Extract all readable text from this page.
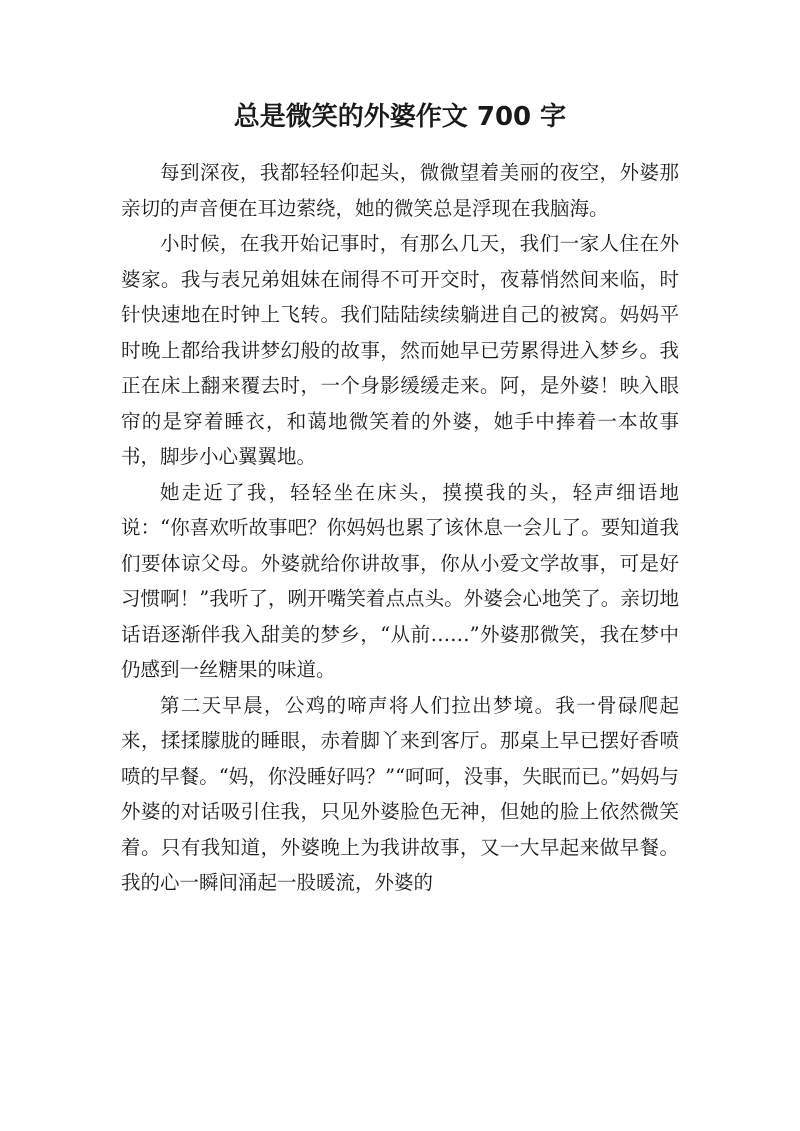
总是微笑的外婆作文 700 字

每到深夜，我都轻轻仰起头，微微望着美丽的夜空，外婆那亲切的声音便在耳边萦绕，她的微笑总是浮现在我脑海。

小时候，在我开始记事时，有那么几天，我们一家人住在外婆家。我与表兄弟姐妹在闹得不可开交时，夜幕悄然间来临，时针快速地在时钟上飞转。我们陆陆续续躺进自己的被窝。妈妈平时晚上都给我讲梦幻般的故事，然而她早已劳累得进入梦乡。我正在床上翻来覆去时，一个身影缓缓走来。阿，是外婆！映入眼帘的是穿着睡衣，和蔼地微笑着的外婆，她手中捧着一本故事书，脚步小心翼翼地。

她走近了我，轻轻坐在床头，摸摸我的头，轻声细语地说：“你喜欢听故事吧？你妈妈也累了该休息一会儿了。要知道我们要体谅父母。外婆就给你讲故事，你从小爱文学故事，可是好习惯啊！”我听了，咧开嘴笑着点点头。外婆会心地笑了。亲切地话语逐渐伴我入甜美的梦乡，“从前……”外婆那微笑，我在梦中仍感到一丝糖果的味道。

第二天早晨，公鸡的啼声将人们拉出梦境。我一骨碌爬起来，揉揉朦胧的睡眼，赤着脚丫来到客厅。那桌上早已摆好香喷喷的早餐。“妈，你没睡好吗？”“呵呵，没事，失眠而已。”妈妈与外婆的对话吸引住我，只见外婆脸色无神，但她的脸上依然微笑着。只有我知道，外婆晚上为我讲故事，又一大早起来做早餐。我的心一瞬间涌起一股暖流，外婆的
